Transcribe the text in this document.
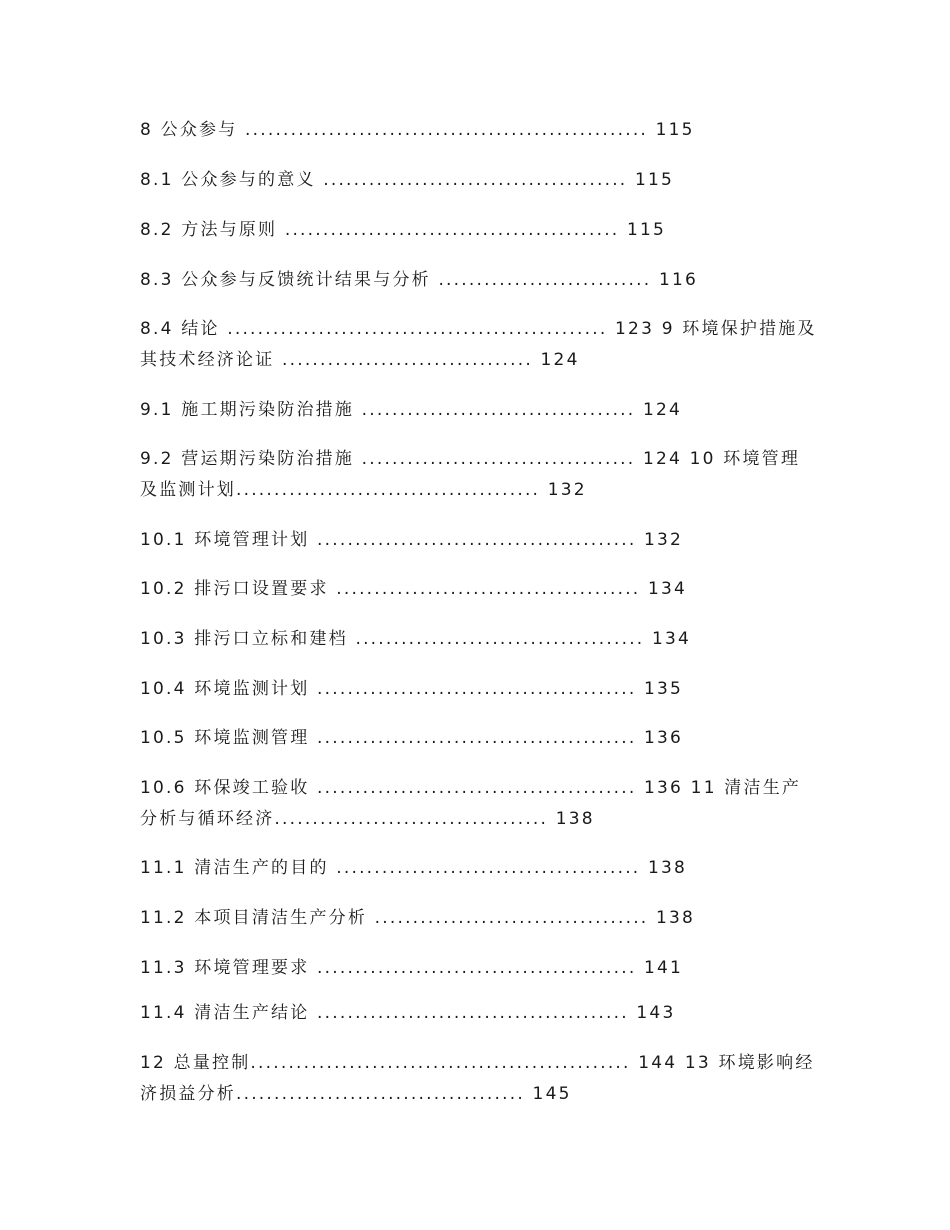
8 公众参与 ..................................................... 115

8.1 公众参与的意义 ........................................ 115

8.2 方法与原则 ............................................ 115

8.3 公众参与反馈统计结果与分析 ............................ 116

8.4 结论 .................................................. 123 9 环境保护措施及

其技术经济论证 ................................. 124

9.1 施工期污染防治措施 .................................... 124

9.2 营运期污染防治措施 .................................... 124 10 环境管理

及监测计划........................................ 132

10.1 环境管理计划 .......................................... 132

10.2 排污口设置要求 ........................................ 134

10.3 排污口立标和建档 ...................................... 134

10.4 环境监测计划 .......................................... 135

10.5 环境监测管理 .......................................... 136

10.6 环保竣工验收 .......................................... 136 11 清洁生产

分析与循环经济.................................... 138

11.1 清洁生产的目的 ........................................ 138

11.2 本项目清洁生产分析 .................................... 138

11.3 环境管理要求 .......................................... 141

11.4 清洁生产结论 ......................................... 143

12 总量控制.................................................. 144 13 环境影响经

济损益分析...................................... 145
